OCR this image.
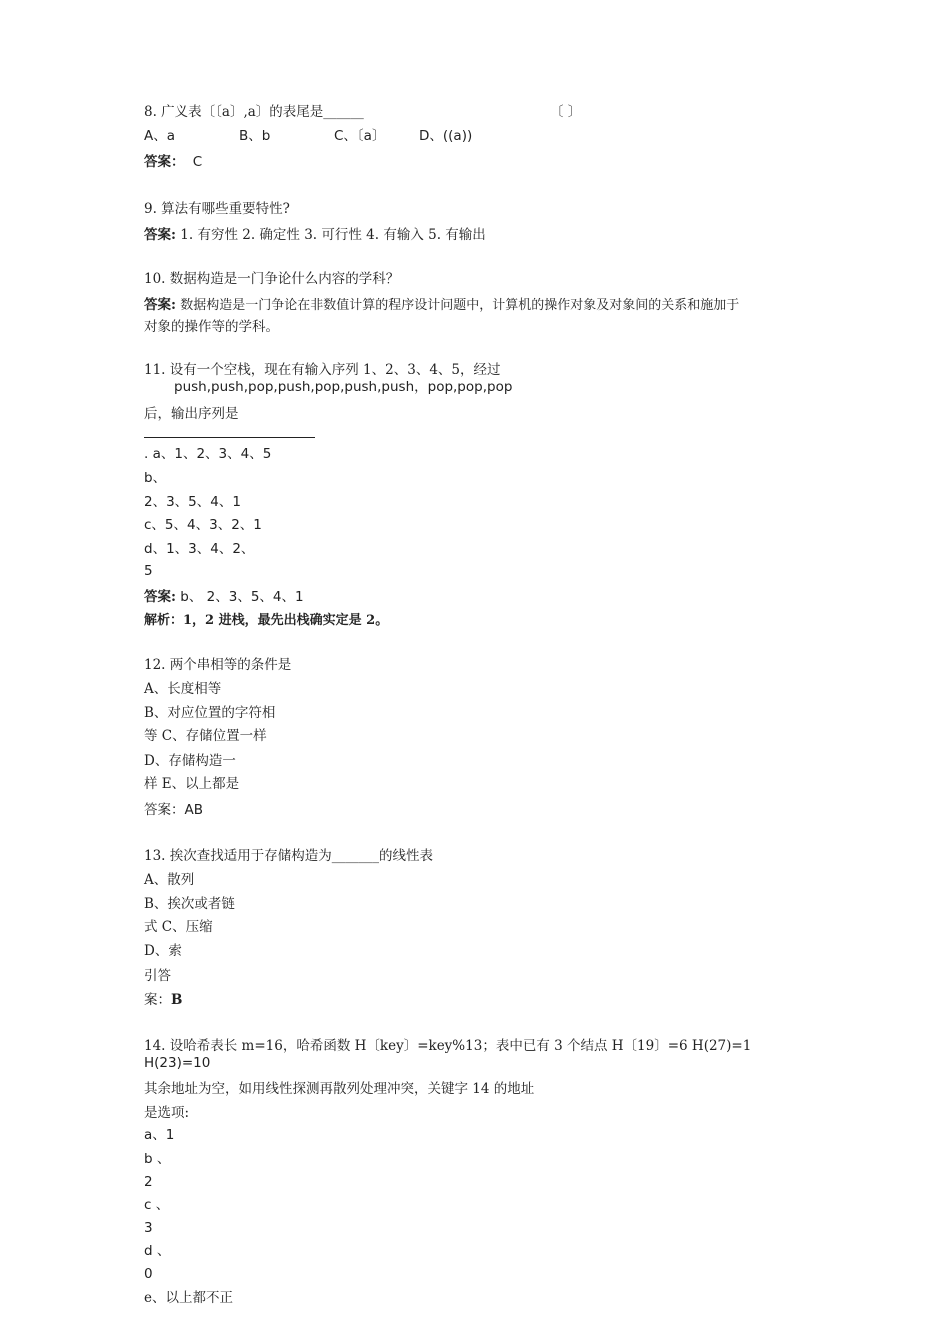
8. 广义表〔〔a〕,a〕的表尾是______	〔 〕
A、a	B、b	C、〔a〕 D、((a))
答案： C
9. 算法有哪些重要特性?
答案: 1. 有穷性 2. 确定性 3. 可行性 4. 有输入 5. 有输出
10. 数据构造是一门争论什么内容的学科？
答案: 数据构造是一门争论在非数值计算的程序设计问题中，计算机的操作对象及对象间的关系和施加于
对象的操作等的学科。
11. 设有一个空栈，现在有输入序列 1、2、3、4、5，经过
push,push,pop,push,pop,push,push，pop,pop,pop
后，输出序列是
. a、1、2、3、4、5
b、
2、3、5、4、1
c、5、4、3、2、1
d、1、3、4、2、
5
答案: b、 2、3、5、4、1
解析：1，2 进栈，最先出栈确实定是 2。
12. 两个串相等的条件是
A、长度相等
B、对应位置的字符相
等 C、存储位置一样
D、存储构造一
样 E、以上都是
答案：AB
13. 挨次查找适用于存储构造为_______的线性表
A、散列
B、挨次或者链
式 C、压缩
D、索
引答
案：B
14. 设哈希表长 m=16，哈希函数 H〔key〕=key%13；表中已有 3 个结点 H〔19〕=6 H(27)=1
H(23)=10
其余地址为空，如用线性探测再散列处理冲突，关键字 14 的地址
是选项:
a、1
b 、
2
c 、
3
d 、
0
e、以上都不正
